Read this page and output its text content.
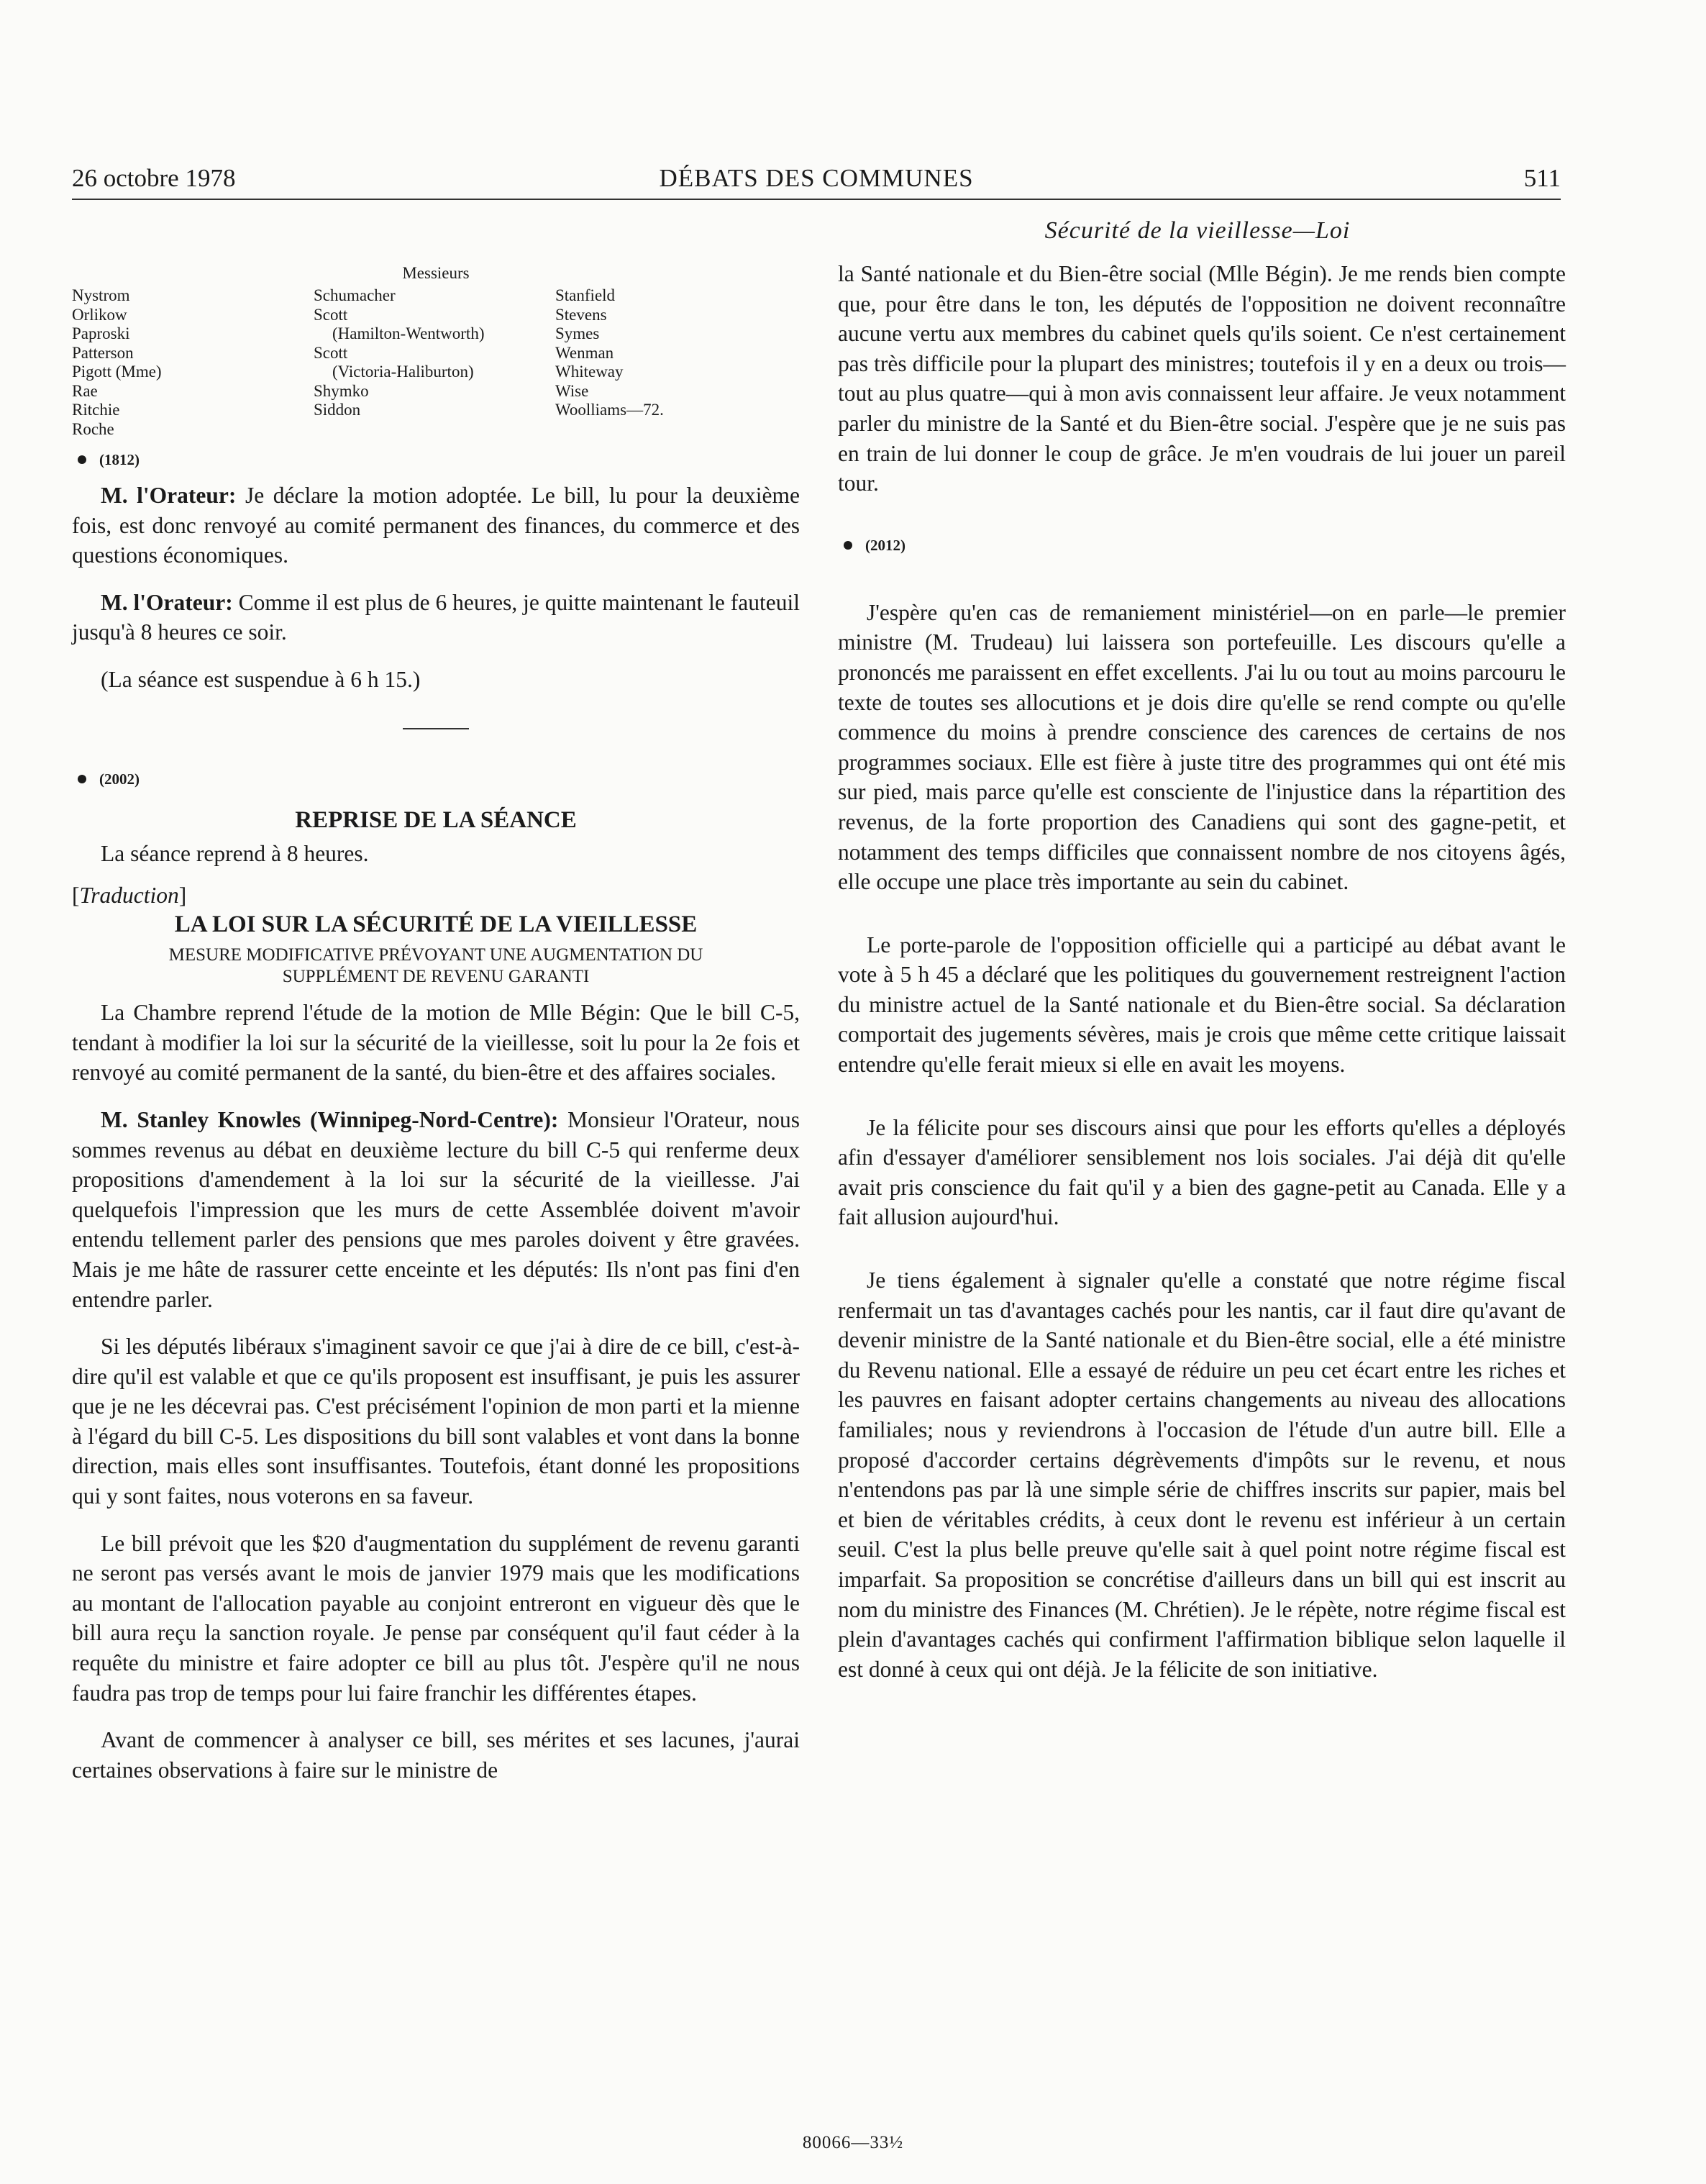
26 octobre 1978	DÉBATS DES COMMUNES	511
Sécurité de la vieillesse—Loi
Messieurs
Nystrom
Orlikow
Paproski
Patterson
Pigott (Mme)
Rae
Ritchie
Roche
Schumacher
Scott
(Hamilton-Wentworth)
Scott
(Victoria-Haliburton)
Shymko
Siddon
Stanfield
Stevens
Symes
Wenman
Whiteway
Wise
Woolliams—72.
(1812)

M. l'Orateur: Je déclare la motion adoptée. Le bill, lu pour la deuxième fois, est donc renvoyé au comité permanent des finances, du commerce et des questions économiques.

M. l'Orateur: Comme il est plus de 6 heures, je quitte maintenant le fauteuil jusqu'à 8 heures ce soir.

(La séance est suspendue à 6 h 15.)

(2002)
REPRISE DE LA SÉANCE

La séance reprend à 8 heures.

[Traduction]
LA LOI SUR LA SÉCURITÉ DE LA VIEILLESSE
MESURE MODIFICATIVE PRÉVOYANT UNE AUGMENTATION DU
SUPPLÉMENT DE REVENU GARANTI

La Chambre reprend l'étude de la motion de Mlle Bégin: Que le bill C-5, tendant à modifier la loi sur la sécurité de la vieillesse, soit lu pour la 2e fois et renvoyé au comité permanent de la santé, du bien-être et des affaires sociales.

M. Stanley Knowles (Winnipeg-Nord-Centre): Monsieur l'Orateur, nous sommes revenus au débat en deuxième lecture du bill C-5 qui renferme deux propositions d'amendement à la loi sur la sécurité de la vieillesse. J'ai quelquefois l'impression que les murs de cette Assemblée doivent m'avoir entendu tellement parler des pensions que mes paroles doivent y être gravées. Mais je me hâte de rassurer cette enceinte et les députés: Ils n'ont pas fini d'en entendre parler.

Si les députés libéraux s'imaginent savoir ce que j'ai à dire de ce bill, c'est-à-dire qu'il est valable et que ce qu'ils proposent est insuffisant, je puis les assurer que je ne les décevrai pas. C'est précisément l'opinion de mon parti et la mienne à l'égard du bill C-5. Les dispositions du bill sont valables et vont dans la bonne direction, mais elles sont insuffisantes. Toutefois, étant donné les propositions qui y sont faites, nous voterons en sa faveur.

Le bill prévoit que les $20 d'augmentation du supplément de revenu garanti ne seront pas versés avant le mois de janvier 1979 mais que les modifications au montant de l'allocation payable au conjoint entreront en vigueur dès que le bill aura reçu la sanction royale. Je pense par conséquent qu'il faut céder à la requête du ministre et faire adopter ce bill au plus tôt. J'espère qu'il ne nous faudra pas trop de temps pour lui faire franchir les différentes étapes.

Avant de commencer à analyser ce bill, ses mérites et ses lacunes, j'aurai certaines observations à faire sur le ministre de

la Santé nationale et du Bien-être social (Mlle Bégin). Je me rends bien compte que, pour être dans le ton, les députés de l'opposition ne doivent reconnaître aucune vertu aux membres du cabinet quels qu'ils soient. Ce n'est certainement pas très difficile pour la plupart des ministres; toutefois il y en a deux ou trois—tout au plus quatre—qui à mon avis connaissent leur affaire. Je veux notamment parler du ministre de la Santé et du Bien-être social. J'espère que je ne suis pas en train de lui donner le coup de grâce. Je m'en voudrais de lui jouer un pareil tour.

(2012)

J'espère qu'en cas de remaniement ministériel—on en parle—le premier ministre (M. Trudeau) lui laissera son portefeuille. Les discours qu'elle a prononcés me paraissent en effet excellents. J'ai lu ou tout au moins parcouru le texte de toutes ses allocutions et je dois dire qu'elle se rend compte ou qu'elle commence du moins à prendre conscience des carences de certains de nos programmes sociaux. Elle est fière à juste titre des programmes qui ont été mis sur pied, mais parce qu'elle est consciente de l'injustice dans la répartition des revenus, de la forte proportion des Canadiens qui sont des gagne-petit, et notamment des temps difficiles que connaissent nombre de nos citoyens âgés, elle occupe une place très importante au sein du cabinet.

Le porte-parole de l'opposition officielle qui a participé au débat avant le vote à 5 h 45 a déclaré que les politiques du gouvernement restreignent l'action du ministre actuel de la Santé nationale et du Bien-être social. Sa déclaration comportait des jugements sévères, mais je crois que même cette critique laissait entendre qu'elle ferait mieux si elle en avait les moyens.

Je la félicite pour ses discours ainsi que pour les efforts qu'elles a déployés afin d'essayer d'améliorer sensiblement nos lois sociales. J'ai déjà dit qu'elle avait pris conscience du fait qu'il y a bien des gagne-petit au Canada. Elle y a fait allusion aujourd'hui.

Je tiens également à signaler qu'elle a constaté que notre régime fiscal renfermait un tas d'avantages cachés pour les nantis, car il faut dire qu'avant de devenir ministre de la Santé nationale et du Bien-être social, elle a été ministre du Revenu national. Elle a essayé de réduire un peu cet écart entre les riches et les pauvres en faisant adopter certains changements au niveau des allocations familiales; nous y reviendrons à l'occasion de l'étude d'un autre bill. Elle a proposé d'accorder certains dégrèvements d'impôts sur le revenu, et nous n'entendons pas par là une simple série de chiffres inscrits sur papier, mais bel et bien de véritables crédits, à ceux dont le revenu est inférieur à un certain seuil. C'est la plus belle preuve qu'elle sait à quel point notre régime fiscal est imparfait. Sa proposition se concrétise d'ailleurs dans un bill qui est inscrit au nom du ministre des Finances (M. Chrétien). Je le répète, notre régime fiscal est plein d'avantages cachés qui confirment l'affirmation biblique selon laquelle il est donné à ceux qui ont déjà. Je la félicite de son initiative.

80066—33½
